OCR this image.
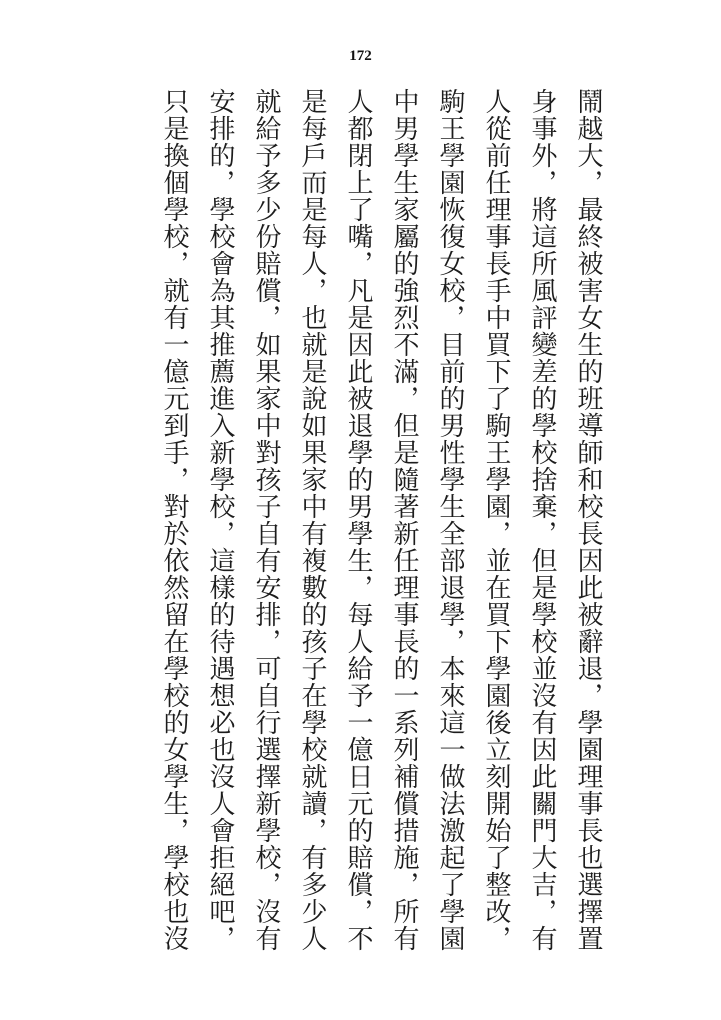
172
鬧越大，最終被害女生的班導師和校長因此被辭退，學園理事長也選擇置
身事外，將這所風評變差的學校捨棄，但是學校並沒有因此關門大吉，有
人從前任理事長手中買下了駒王學園，並在買下學園後立刻開始了整改，
駒王學園恢復女校，目前的男性學生全部退學，本來這一做法激起了學園
中男學生家屬的強烈不滿，但是隨著新任理事長的一系列補償措施，所有
人都閉上了嘴，凡是因此被退學的男學生，每人給予一億日元的賠償，不
是每戶而是每人，也就是說如果家中有複數的孩子在學校就讀，有多少人
就給予多少份賠償，如果家中對孩子自有安排，可自行選擇新學校，沒有
安排的，學校會為其推薦進入新學校，這樣的待遇想必也沒人會拒絕吧，
只是換個學校，就有一億元到手，對於依然留在學校的女學生，學校也沒
